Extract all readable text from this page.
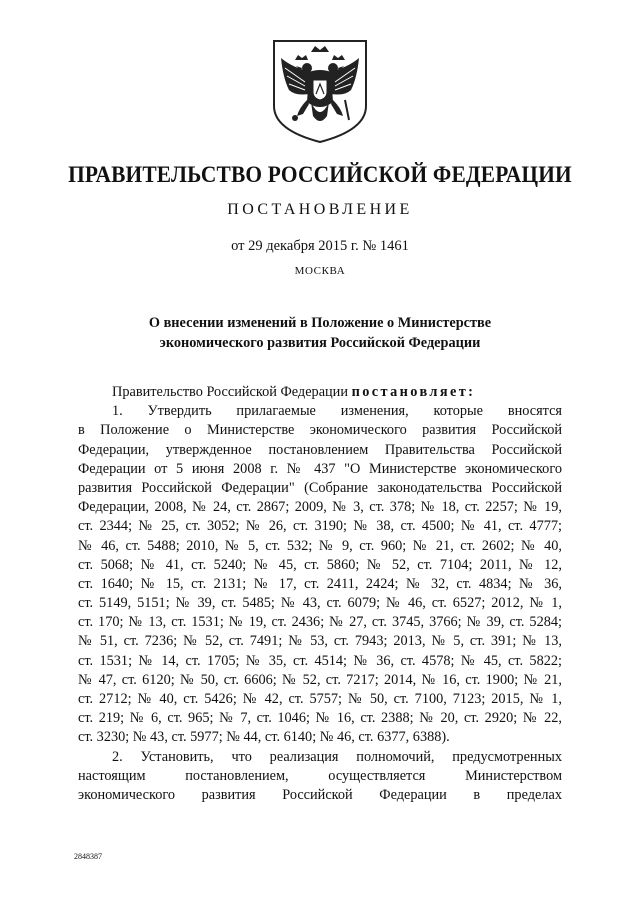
ПРАВИТЕЛЬСТВО РОССИЙСКОЙ ФЕДЕРАЦИИ
ПОСТАНОВЛЕНИЕ
от 29 декабря 2015 г. № 1461
МОСКВА
О внесении изменений в Положение о Министерстве
экономического развития Российской Федерации
Правительство Российской Федерации постановляет:
1. Утвердить прилагаемые изменения, которые вносятся
в Положение о Министерстве экономического развития Российской
Федерации, утвержденное постановлением Правительства Российской
Федерации от 5 июня 2008 г. № 437 "О Министерстве экономического
развития Российской Федерации" (Собрание законодательства Российской
Федерации, 2008, № 24, ст. 2867; 2009, № 3, ст. 378; № 18, ст. 2257; № 19,
ст. 2344; № 25, ст. 3052; № 26, ст. 3190; № 38, ст. 4500; № 41, ст. 4777;
№ 46, ст. 5488; 2010, № 5, ст. 532; № 9, ст. 960; № 21, ст. 2602; № 40,
ст. 5068; № 41, ст. 5240; № 45, ст. 5860; № 52, ст. 7104; 2011, № 12,
ст. 1640; № 15, ст. 2131; № 17, ст. 2411, 2424; № 32, ст. 4834; № 36,
ст. 5149, 5151; № 39, ст. 5485; № 43, ст. 6079; № 46, ст. 6527; 2012, № 1,
ст. 170; № 13, ст. 1531; № 19, ст. 2436; № 27, ст. 3745, 3766; № 39, ст. 5284;
№ 51, ст. 7236; № 52, ст. 7491; № 53, ст. 7943; 2013, № 5, ст. 391; № 13,
ст. 1531; № 14, ст. 1705; № 35, ст. 4514; № 36, ст. 4578; № 45, ст. 5822;
№ 47, ст. 6120; № 50, ст. 6606; № 52, ст. 7217; 2014, № 16, ст. 1900; № 21,
ст. 2712; № 40, ст. 5426; № 42, ст. 5757; № 50, ст. 7100, 7123; 2015, № 1,
ст. 219; № 6, ст. 965; № 7, ст. 1046; № 16, ст. 2388; № 20, ст. 2920; № 22,
ст. 3230; № 43, ст. 5977; № 44, ст. 6140; № 46, ст. 6377, 6388).
2. Установить, что реализация полномочий, предусмотренных
настоящим постановлением, осуществляется Министерством
экономического развития Российской Федерации в пределах
2848387
